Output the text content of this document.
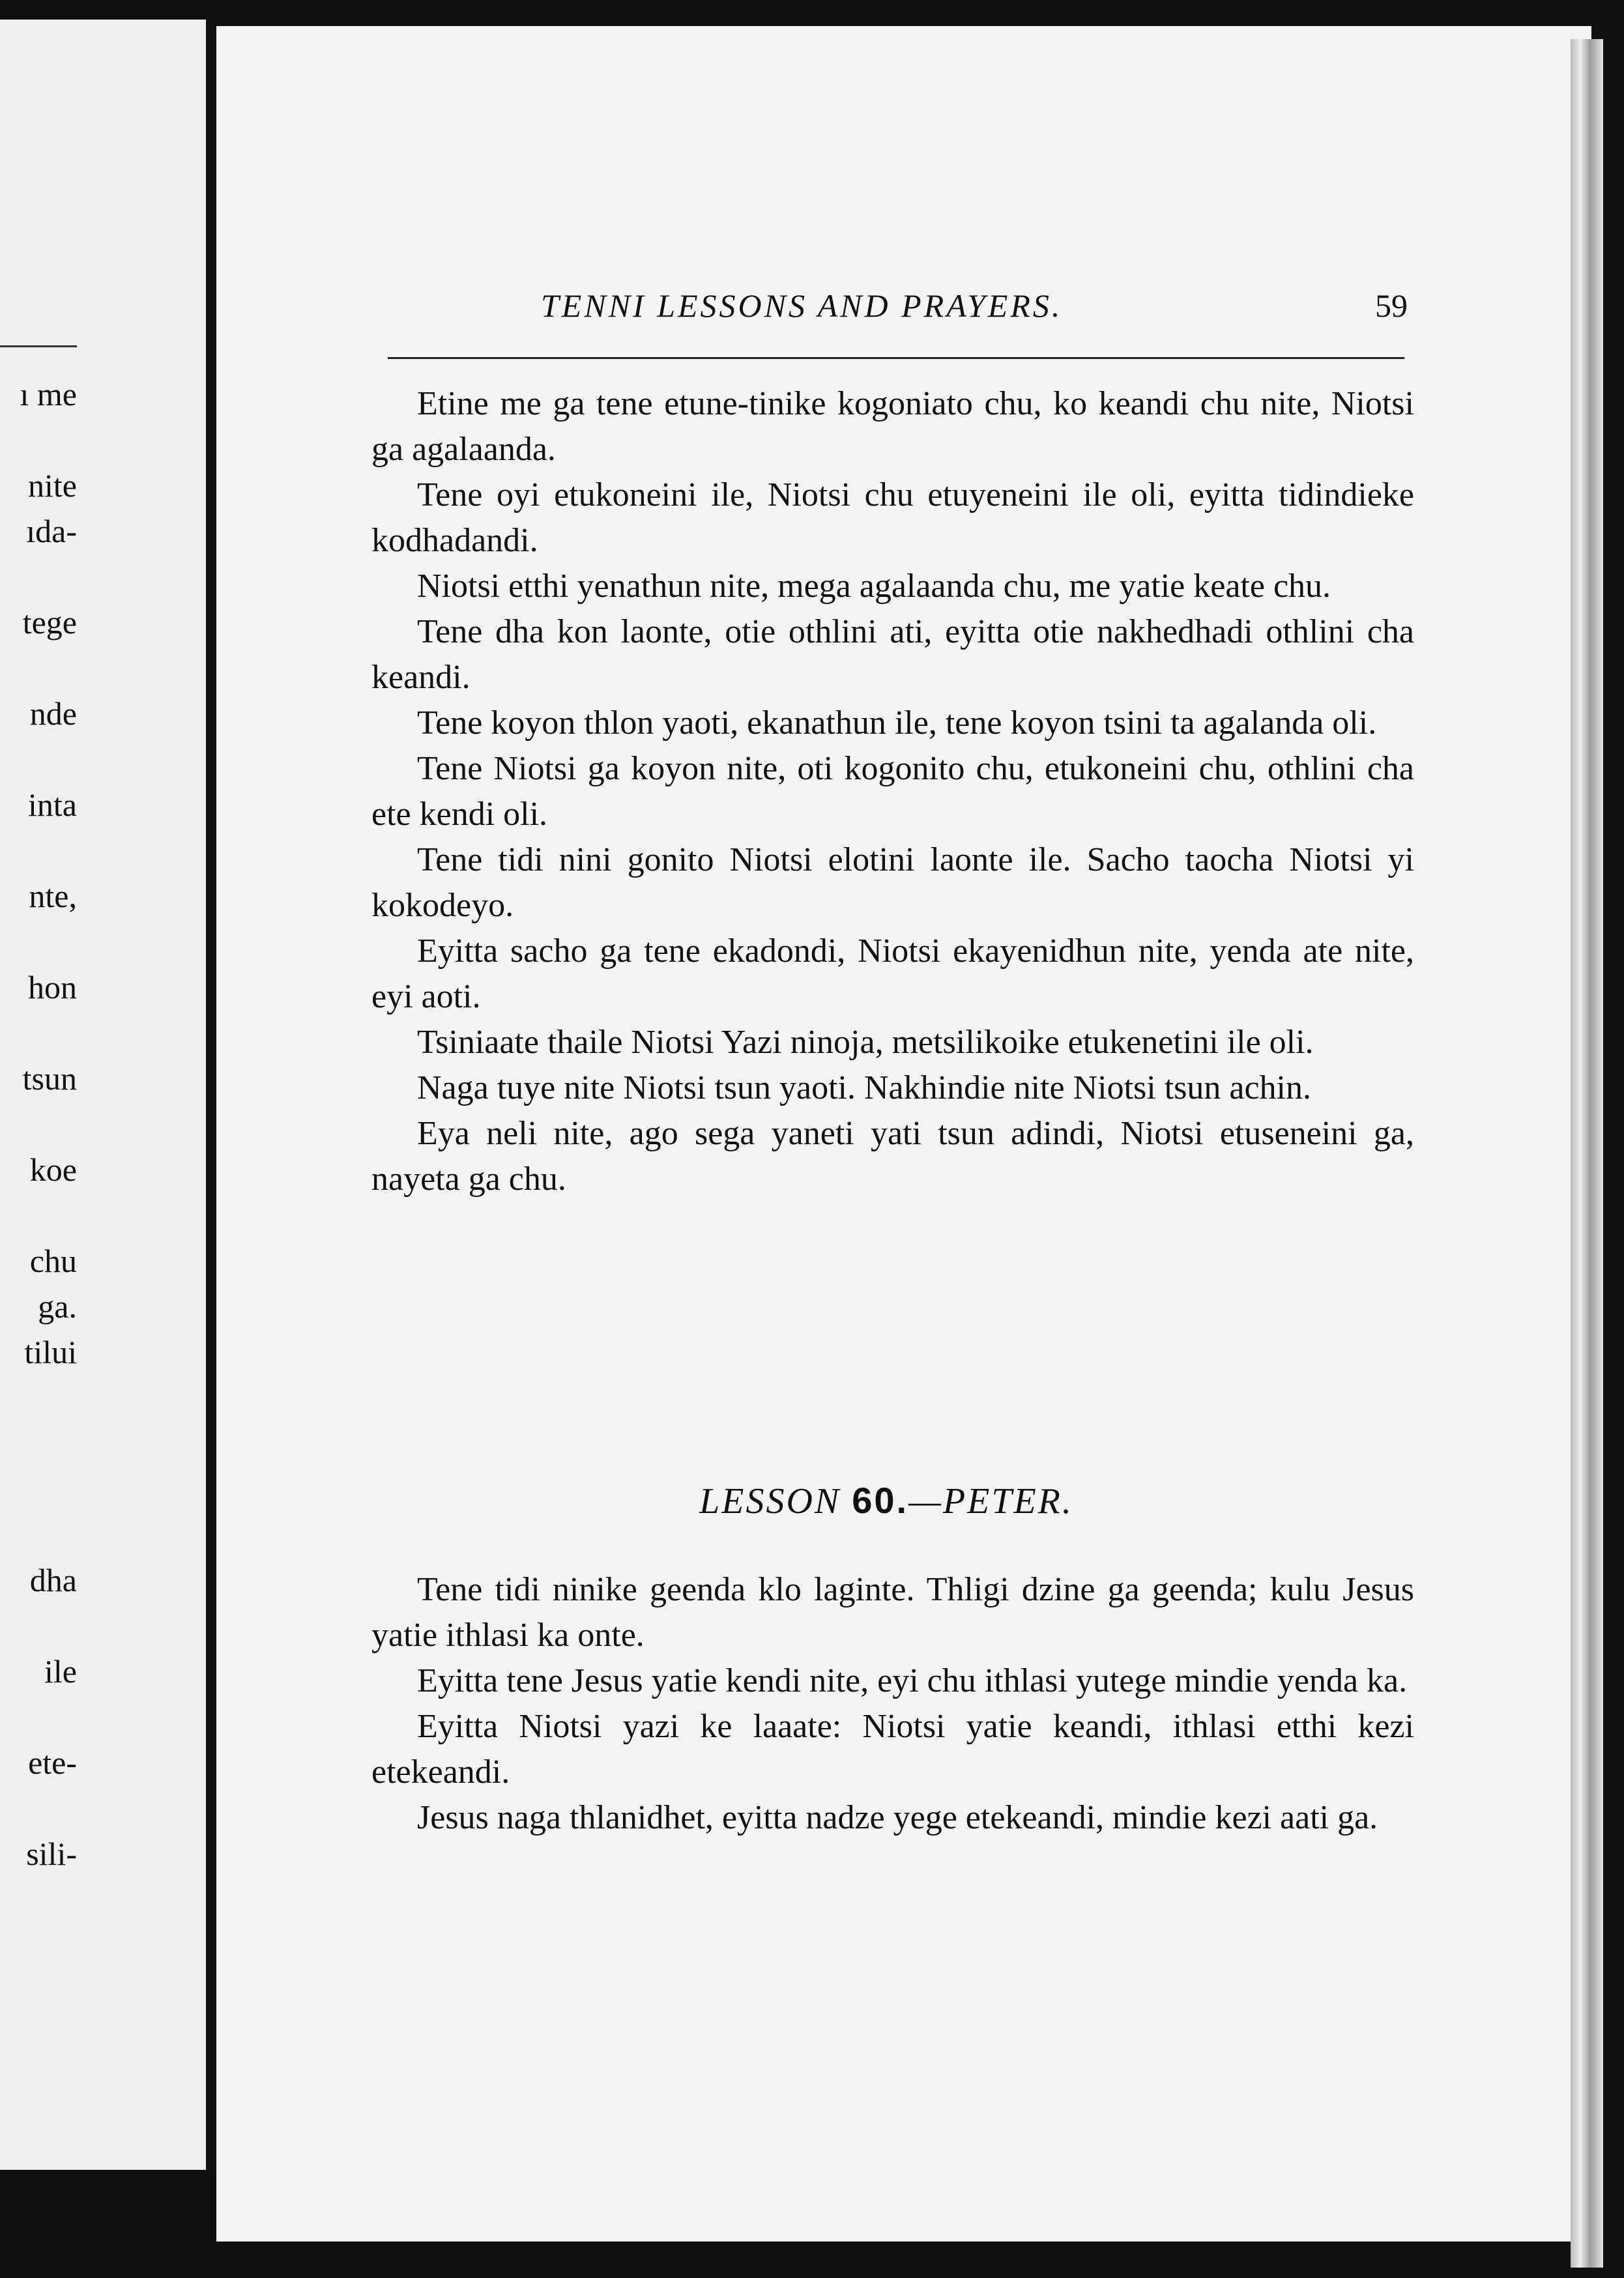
ı me
nite
ıda-
tege
nde
inta
nte,
hon
tsun
koe
chu
ga.
tilui
dha
ile
ete-
sili-
TENNI LESSONS AND PRAYERS.	59

Etine me ga tene etune-tinike kogoniato chu, ko keandi chu nite, Niotsi ga agalaanda.

Tene oyi etukoneini ile, Niotsi chu etuyeneini ile oli, eyitta tidindieke kodhadandi.

Niotsi etthi yenathun nite, mega agalaanda chu, me yatie keate chu.

Tene dha kon laonte, otie othlini ati, eyitta otie nakhedhadi othlini cha keandi.

Tene koyon thlon yaoti, ekanathun ile, tene koyon tsini ta agalanda oli.

Tene Niotsi ga koyon nite, oti kogonito chu, etukoneini chu, othlini cha ete kendi oli.

Tene tidi nini gonito Niotsi elotini laonte ile. Sacho taocha Niotsi yi kokodeyo.

Eyitta sacho ga tene ekadondi, Niotsi ekayenidhun nite, yenda ate nite, eyi aoti.

Tsiniaate thaile Niotsi Yazi ninoja, metsilikoike etukenetini ile oli.

Naga tuye nite Niotsi tsun yaoti. Nakhindie nite Niotsi tsun achin.

Eya neli nite, ago sega yaneti yati tsun adindi, Niotsi etuseneini ga, nayeta ga chu.

LESSON 60.—PETER.

Tene tidi ninike geenda klo laginte. Thligi dzine ga geenda; kulu Jesus yatie ithlasi ka onte.

Eyitta tene Jesus yatie kendi nite, eyi chu ithlasi yutege mindie yenda ka.

Eyitta Niotsi yazi ke laaate: Niotsi yatie keandi, ithlasi etthi kezi etekeandi.

Jesus naga thlanidhet, eyitta nadze yege etekeandi, mindie kezi aati ga.
